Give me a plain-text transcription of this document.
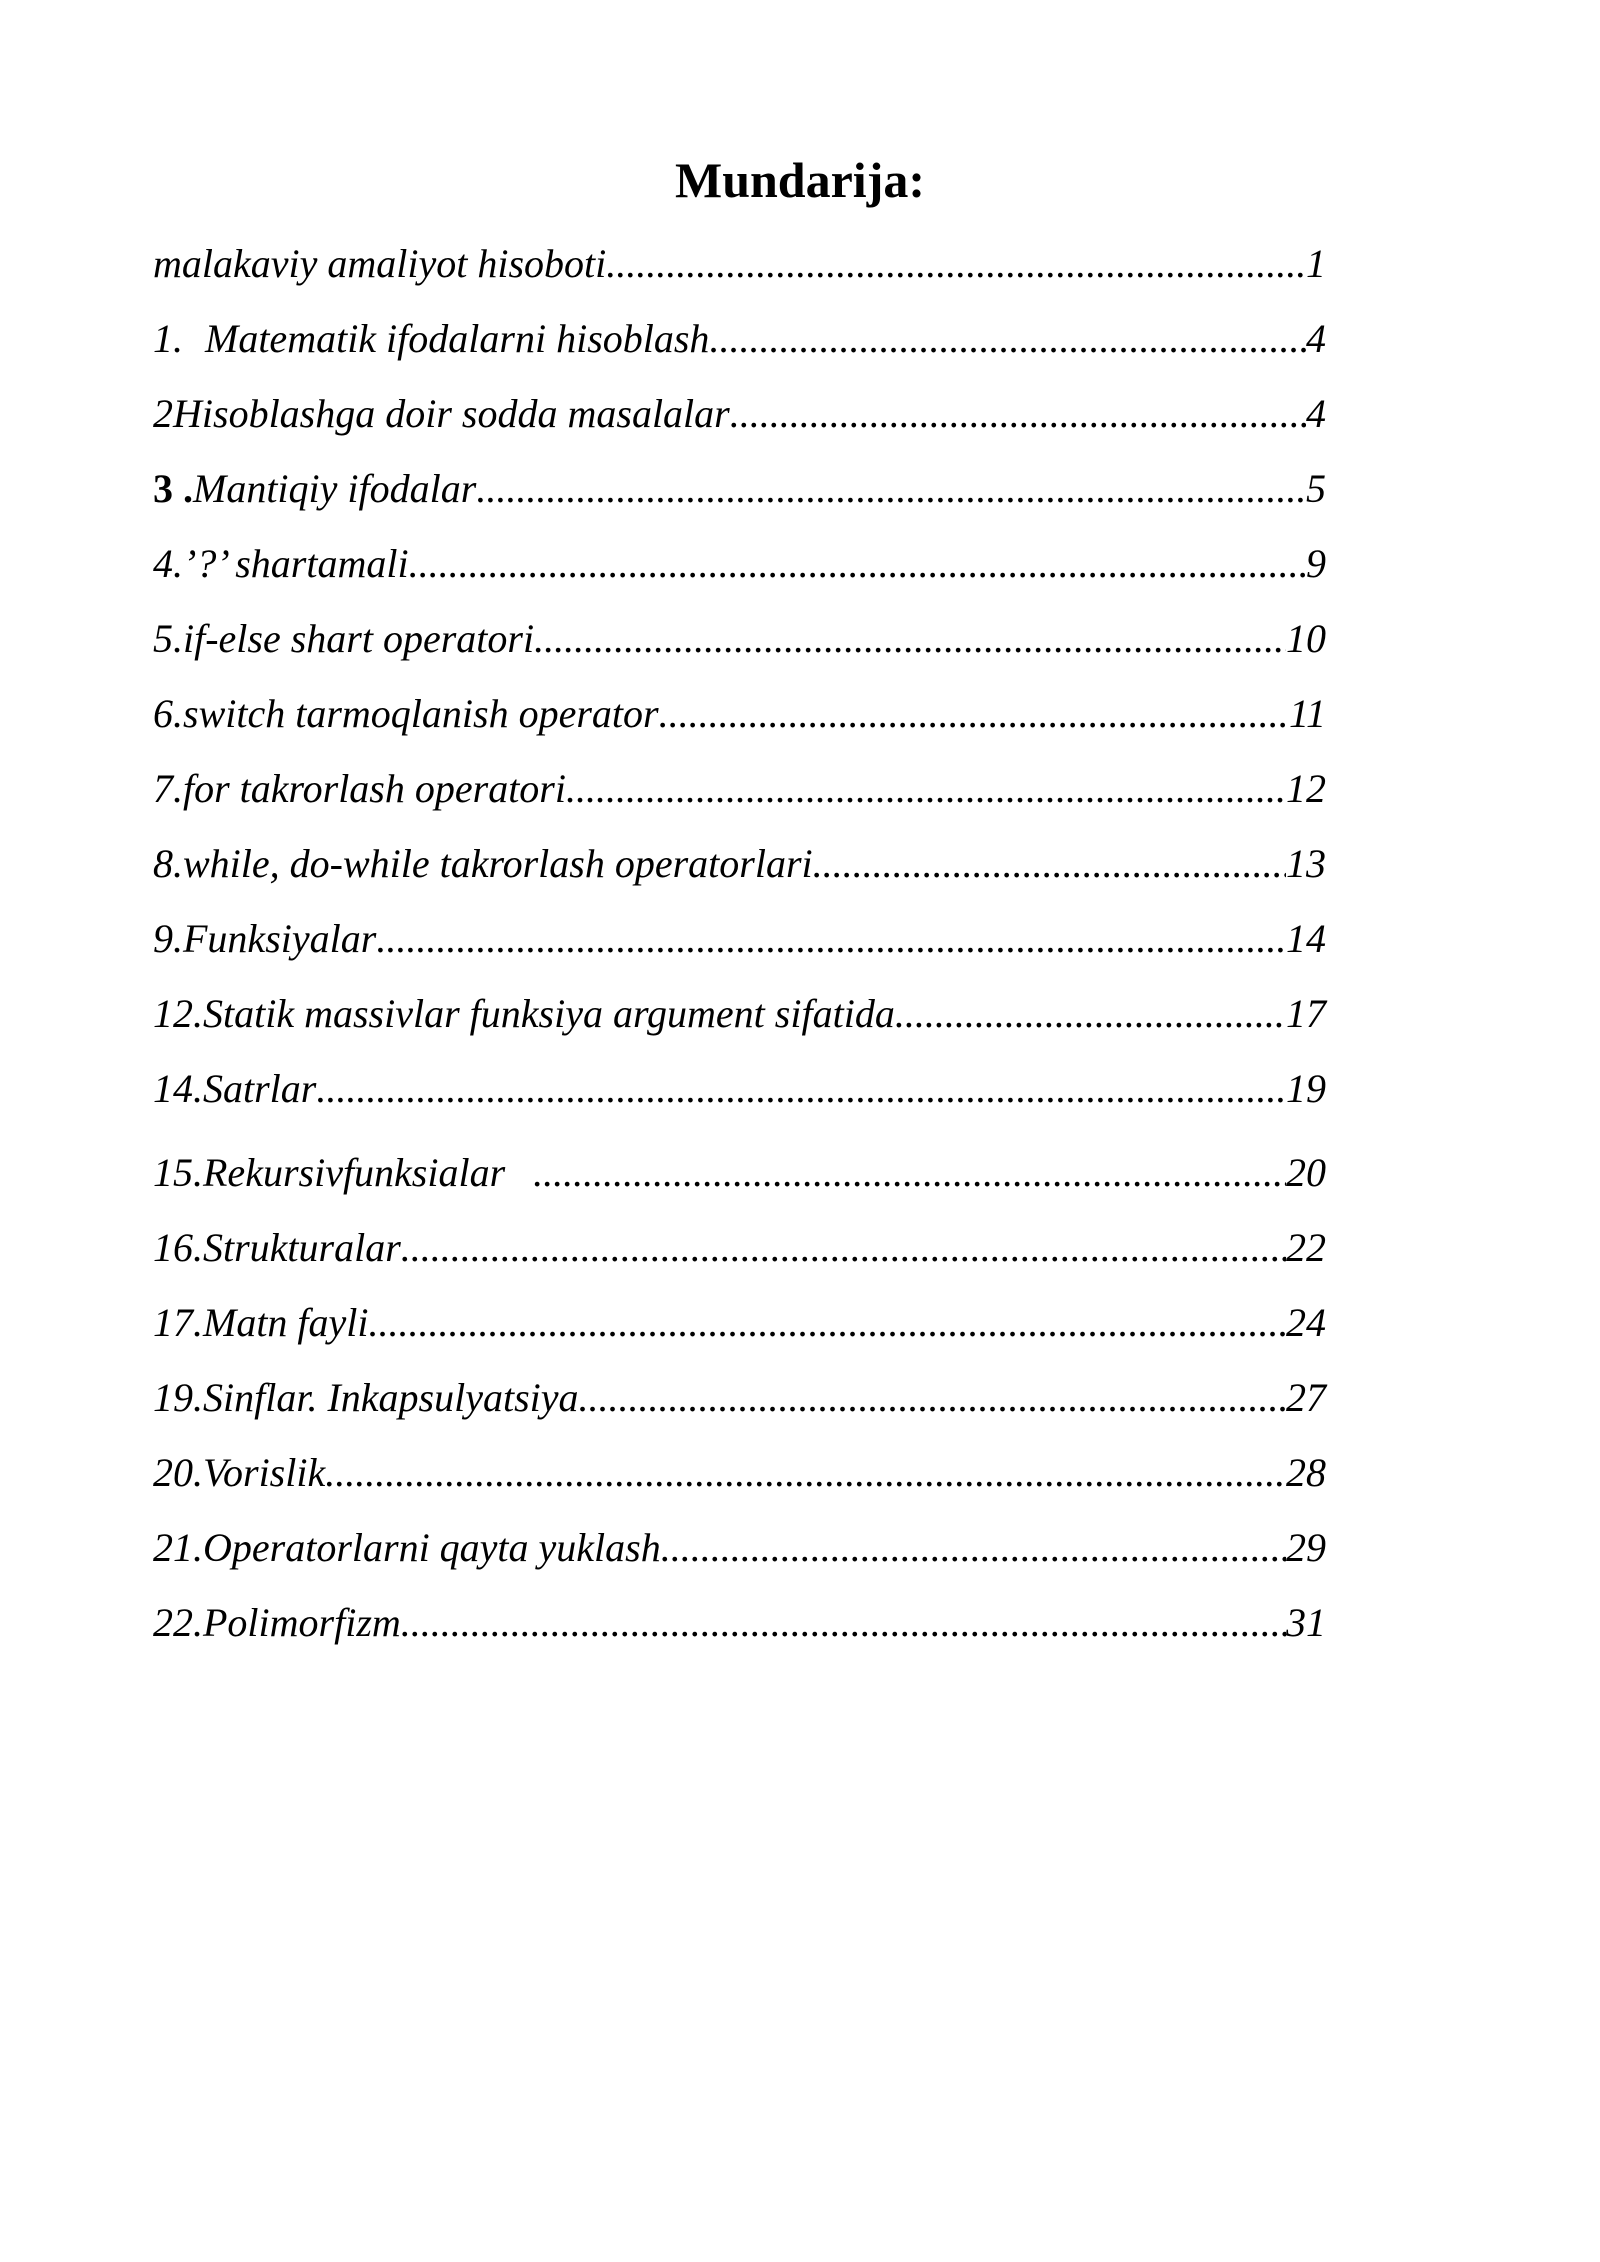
Mundarija:
malakaviy amaliyot hisoboti .....	1
1. Matematik ifodalarni hisoblash .....	4
2 Hisoblashga doir sodda masalalar .....	4
3 . Mantiqiy ifodalar .....	5
4. ’?’ shartamali .....	9
5. if-else shart operatori .....	10
6. switch tarmoqlanish operator .....	11
7. for takrorlash operatori .....	12
8. while, do-while takrorlash operatorlari .....	13
9. Funksiyalar .....	14
12. Statik massivlar funksiya argument sifatida .....	17
14. Satrlar .....	19
15. Rekursivfunksialar .....	20
16. Strukturalar .....	22
17. Matn fayli .....	24
19. Sinflar. Inkapsulyatsiya .....	27
20. Vorislik .....	28
21. Operatorlarni qayta yuklash .....	29
22. Polimorfizm .....	31
